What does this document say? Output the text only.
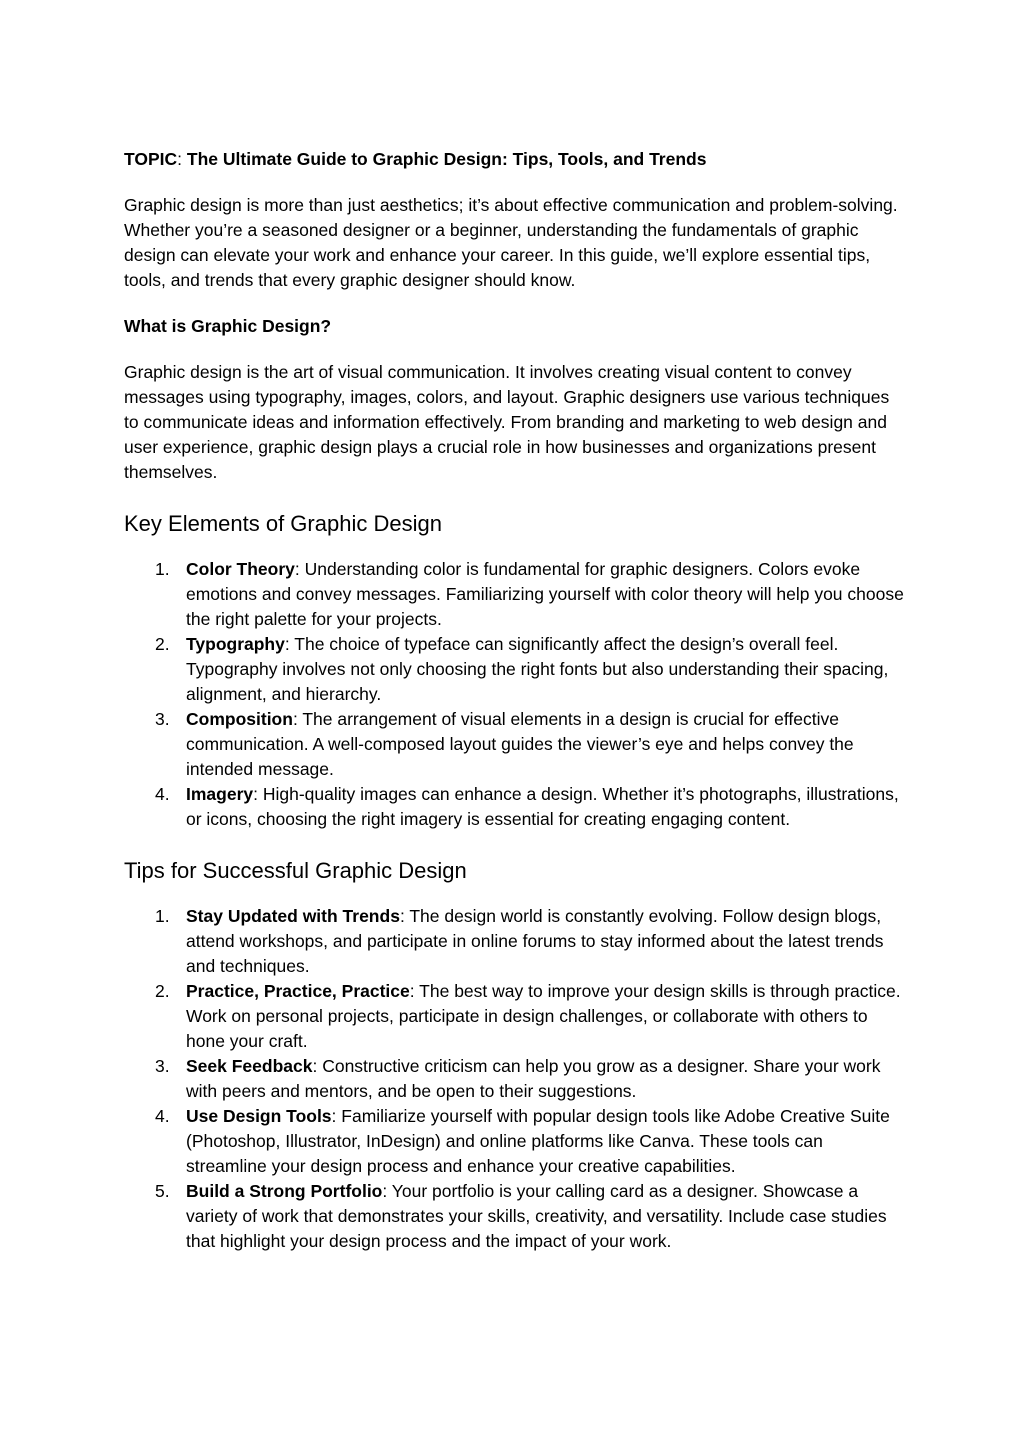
TOPIC: The Ultimate Guide to Graphic Design: Tips, Tools, and Trends

Graphic design is more than just aesthetics; it’s about effective communication and problem-solving. Whether you’re a seasoned designer or a beginner, understanding the fundamentals of graphic design can elevate your work and enhance your career. In this guide, we’ll explore essential tips, tools, and trends that every graphic designer should know.

What is Graphic Design?

Graphic design is the art of visual communication. It involves creating visual content to convey messages using typography, images, colors, and layout. Graphic designers use various techniques to communicate ideas and information effectively. From branding and marketing to web design and user experience, graphic design plays a crucial role in how businesses and organizations present themselves.

Key Elements of Graphic Design
1. Color Theory: Understanding color is fundamental for graphic designers. Colors evoke emotions and convey messages. Familiarizing yourself with color theory will help you choose the right palette for your projects.
2. Typography: The choice of typeface can significantly affect the design’s overall feel. Typography involves not only choosing the right fonts but also understanding their spacing, alignment, and hierarchy.
3. Composition: The arrangement of visual elements in a design is crucial for effective communication. A well-composed layout guides the viewer’s eye and helps convey the intended message.
4. Imagery: High-quality images can enhance a design. Whether it’s photographs, illustrations, or icons, choosing the right imagery is essential for creating engaging content.
Tips for Successful Graphic Design
1. Stay Updated with Trends: The design world is constantly evolving. Follow design blogs, attend workshops, and participate in online forums to stay informed about the latest trends and techniques.
2. Practice, Practice, Practice: The best way to improve your design skills is through practice. Work on personal projects, participate in design challenges, or collaborate with others to hone your craft.
3. Seek Feedback: Constructive criticism can help you grow as a designer. Share your work with peers and mentors, and be open to their suggestions.
4. Use Design Tools: Familiarize yourself with popular design tools like Adobe Creative Suite (Photoshop, Illustrator, InDesign) and online platforms like Canva. These tools can streamline your design process and enhance your creative capabilities.
5. Build a Strong Portfolio: Your portfolio is your calling card as a designer. Showcase a variety of work that demonstrates your skills, creativity, and versatility. Include case studies that highlight your design process and the impact of your work.
